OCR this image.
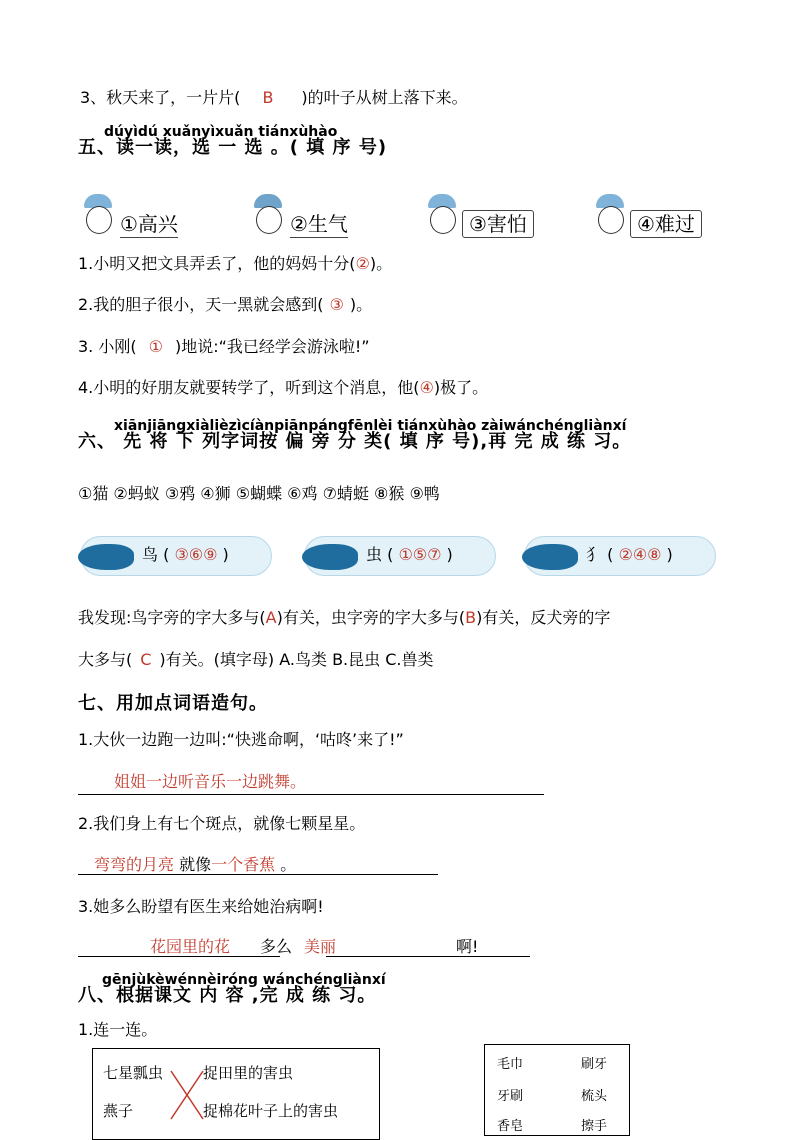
3、秋天来了，一片片( B )的叶子从树上落下来。
dúyìdú xuǎnyìxuǎn tiánxùhào
五、读一读，选 一 选 。( 填 序 号)
①高兴	②生气	③害怕	④难过
1.小明又把文具弄丢了，他的妈妈十分(②)。
2.我的胆子很小，天一黑就会感到( ③ )。
3. 小刚( ① )地说:“我已经学会游泳啦!”
4.小明的好朋友就要转学了，听到这个消息，他(④)极了。
xiānjiāngxiàlièzìcíànpiānpángfēnlèi tiánxùhào zàiwánchéngliànxí
六、 先 将 下 列字词按 偏 旁 分 类( 填 序 号),再 完 成 练 习。
①猫 ②蚂蚁 ③鸦 ④狮 ⑤蝴蝶 ⑥鸡 ⑦蜻蜓 ⑧猴 ⑨鸭
鸟 ( ③⑥⑨ )	虫 ( ①⑤⑦ )	犭 ( ②④⑧ )
我发现:鸟字旁的字大多与(A)有关，虫字旁的字大多与(B)有关，反犬旁的字
大多与( C )有关。(填字母) A.鸟类 B.昆虫 C.兽类
七、用加点词语造句。
1.大伙一边跑一边叫:“快逃命啊，‘咕咚’来了!”
姐姐一边听音乐一边跳舞。
2.我们身上有七个斑点，就像七颗星星。
弯弯的月亮 就像一个香蕉 。
3.她多么盼望有医生来给她治病啊!
花园里的花 多么 美丽	啊!
gēnjùkèwénnèiróng wánchéngliànxí
八、根据课文 内 容 ,完 成 练 习。
1.连一连。
七星瓢虫	捉田里的害虫
燕子	捉棉花叶子上的害虫
毛巾	刷牙
牙刷	梳头
香皂	擦手
